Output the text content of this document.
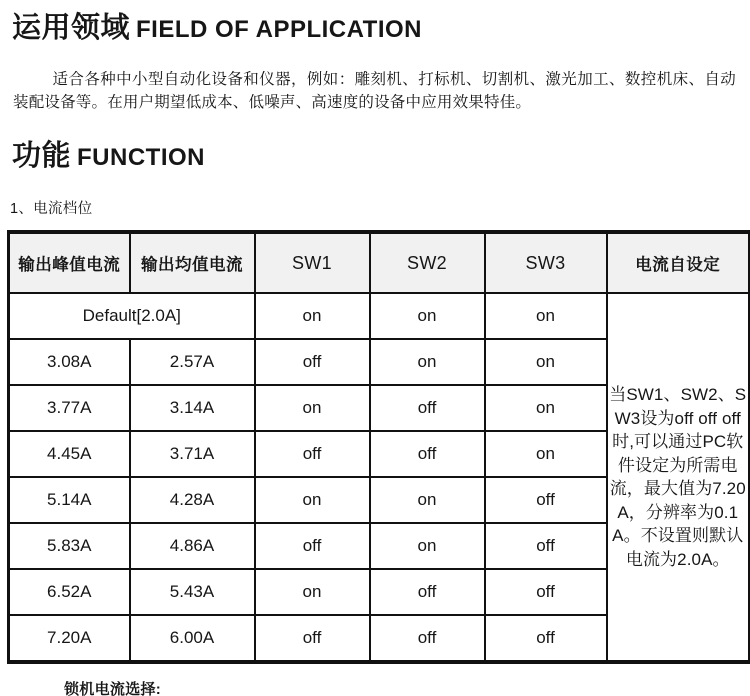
运用领域 FIELD OF APPLICATION

适合各种中小型自动化设备和仪器，例如：雕刻机、打标机、切割机、激光加工、数控机床、自动装配设备等。在用户期望低成本、低噪声、高速度的设备中应用效果特佳。

功能 FUNCTION
1、电流档位
输出峰值电流	输出均值电流	SW1	SW2	SW3	电流自设定
Default[2.0A]		on	on	on	当SW1、SW2、SW3设为off off off时,可以通过PC软件设定为所需电流，最大值为7.20A，分辨率为0.1A。不设置则默认电流为2.0A。
3.08A	2.57A	off	on	on	
3.77A	3.14A	on	off	on	
4.45A	3.71A	off	off	on	
5.14A	4.28A	on	on	off	
5.83A	4.86A	off	on	off	
6.52A	5.43A	on	off	off	
7.20A	6.00A	off	off	off	
锁机电流选择:
